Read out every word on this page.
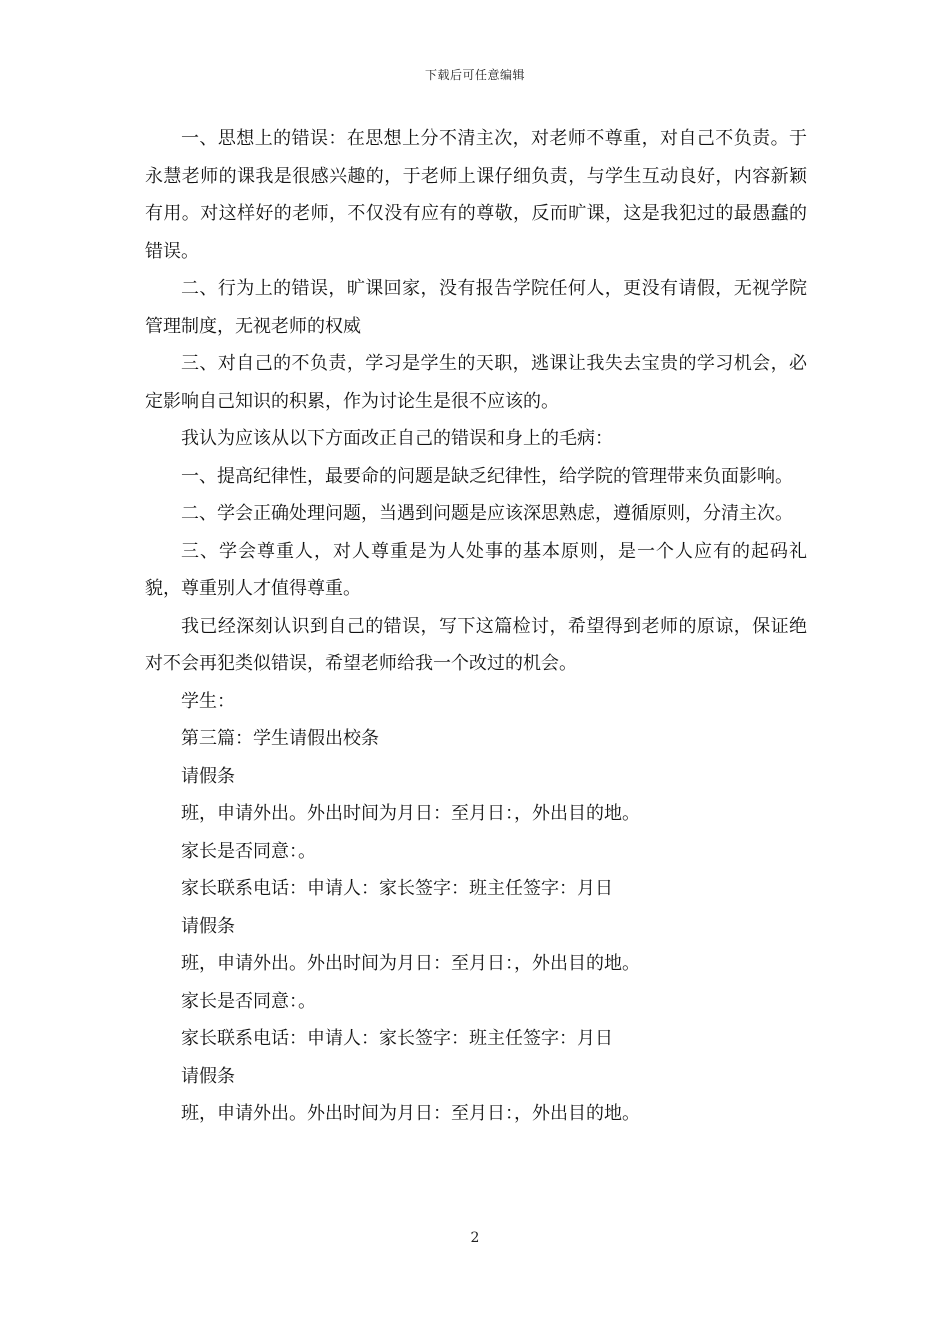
下载后可任意编辑

一、思想上的错误：在思想上分不清主次，对老师不尊重，对自己不负责。于永慧老师的课我是很感兴趣的，于老师上课仔细负责，与学生互动良好，内容新颖有用。对这样好的老师，不仅没有应有的尊敬，反而旷课，这是我犯过的最愚蠢的错误。

二、行为上的错误，旷课回家，没有报告学院任何人，更没有请假，无视学院管理制度，无视老师的权威

三、对自己的不负责，学习是学生的天职，逃课让我失去宝贵的学习机会，必定影响自己知识的积累，作为讨论生是很不应该的。

我认为应该从以下方面改正自己的错误和身上的毛病：

一、提高纪律性，最要命的问题是缺乏纪律性，给学院的管理带来负面影响。

二、学会正确处理问题，当遇到问题是应该深思熟虑，遵循原则，分清主次。

三、学会尊重人，对人尊重是为人处事的基本原则，是一个人应有的起码礼貌，尊重别人才值得尊重。

我已经深刻认识到自己的错误，写下这篇检讨，希望得到老师的原谅，保证绝对不会再犯类似错误，希望老师给我一个改过的机会。

学生：

第三篇：学生请假出校条

请假条

班，申请外出。外出时间为月日：至月日：，外出目的地。

家长是否同意：。

家长联系电话：申请人：家长签字：班主任签字：月日

请假条

班，申请外出。外出时间为月日：至月日：，外出目的地。

家长是否同意：。

家长联系电话：申请人：家长签字：班主任签字：月日

请假条

班，申请外出。外出时间为月日：至月日：，外出目的地。

2
